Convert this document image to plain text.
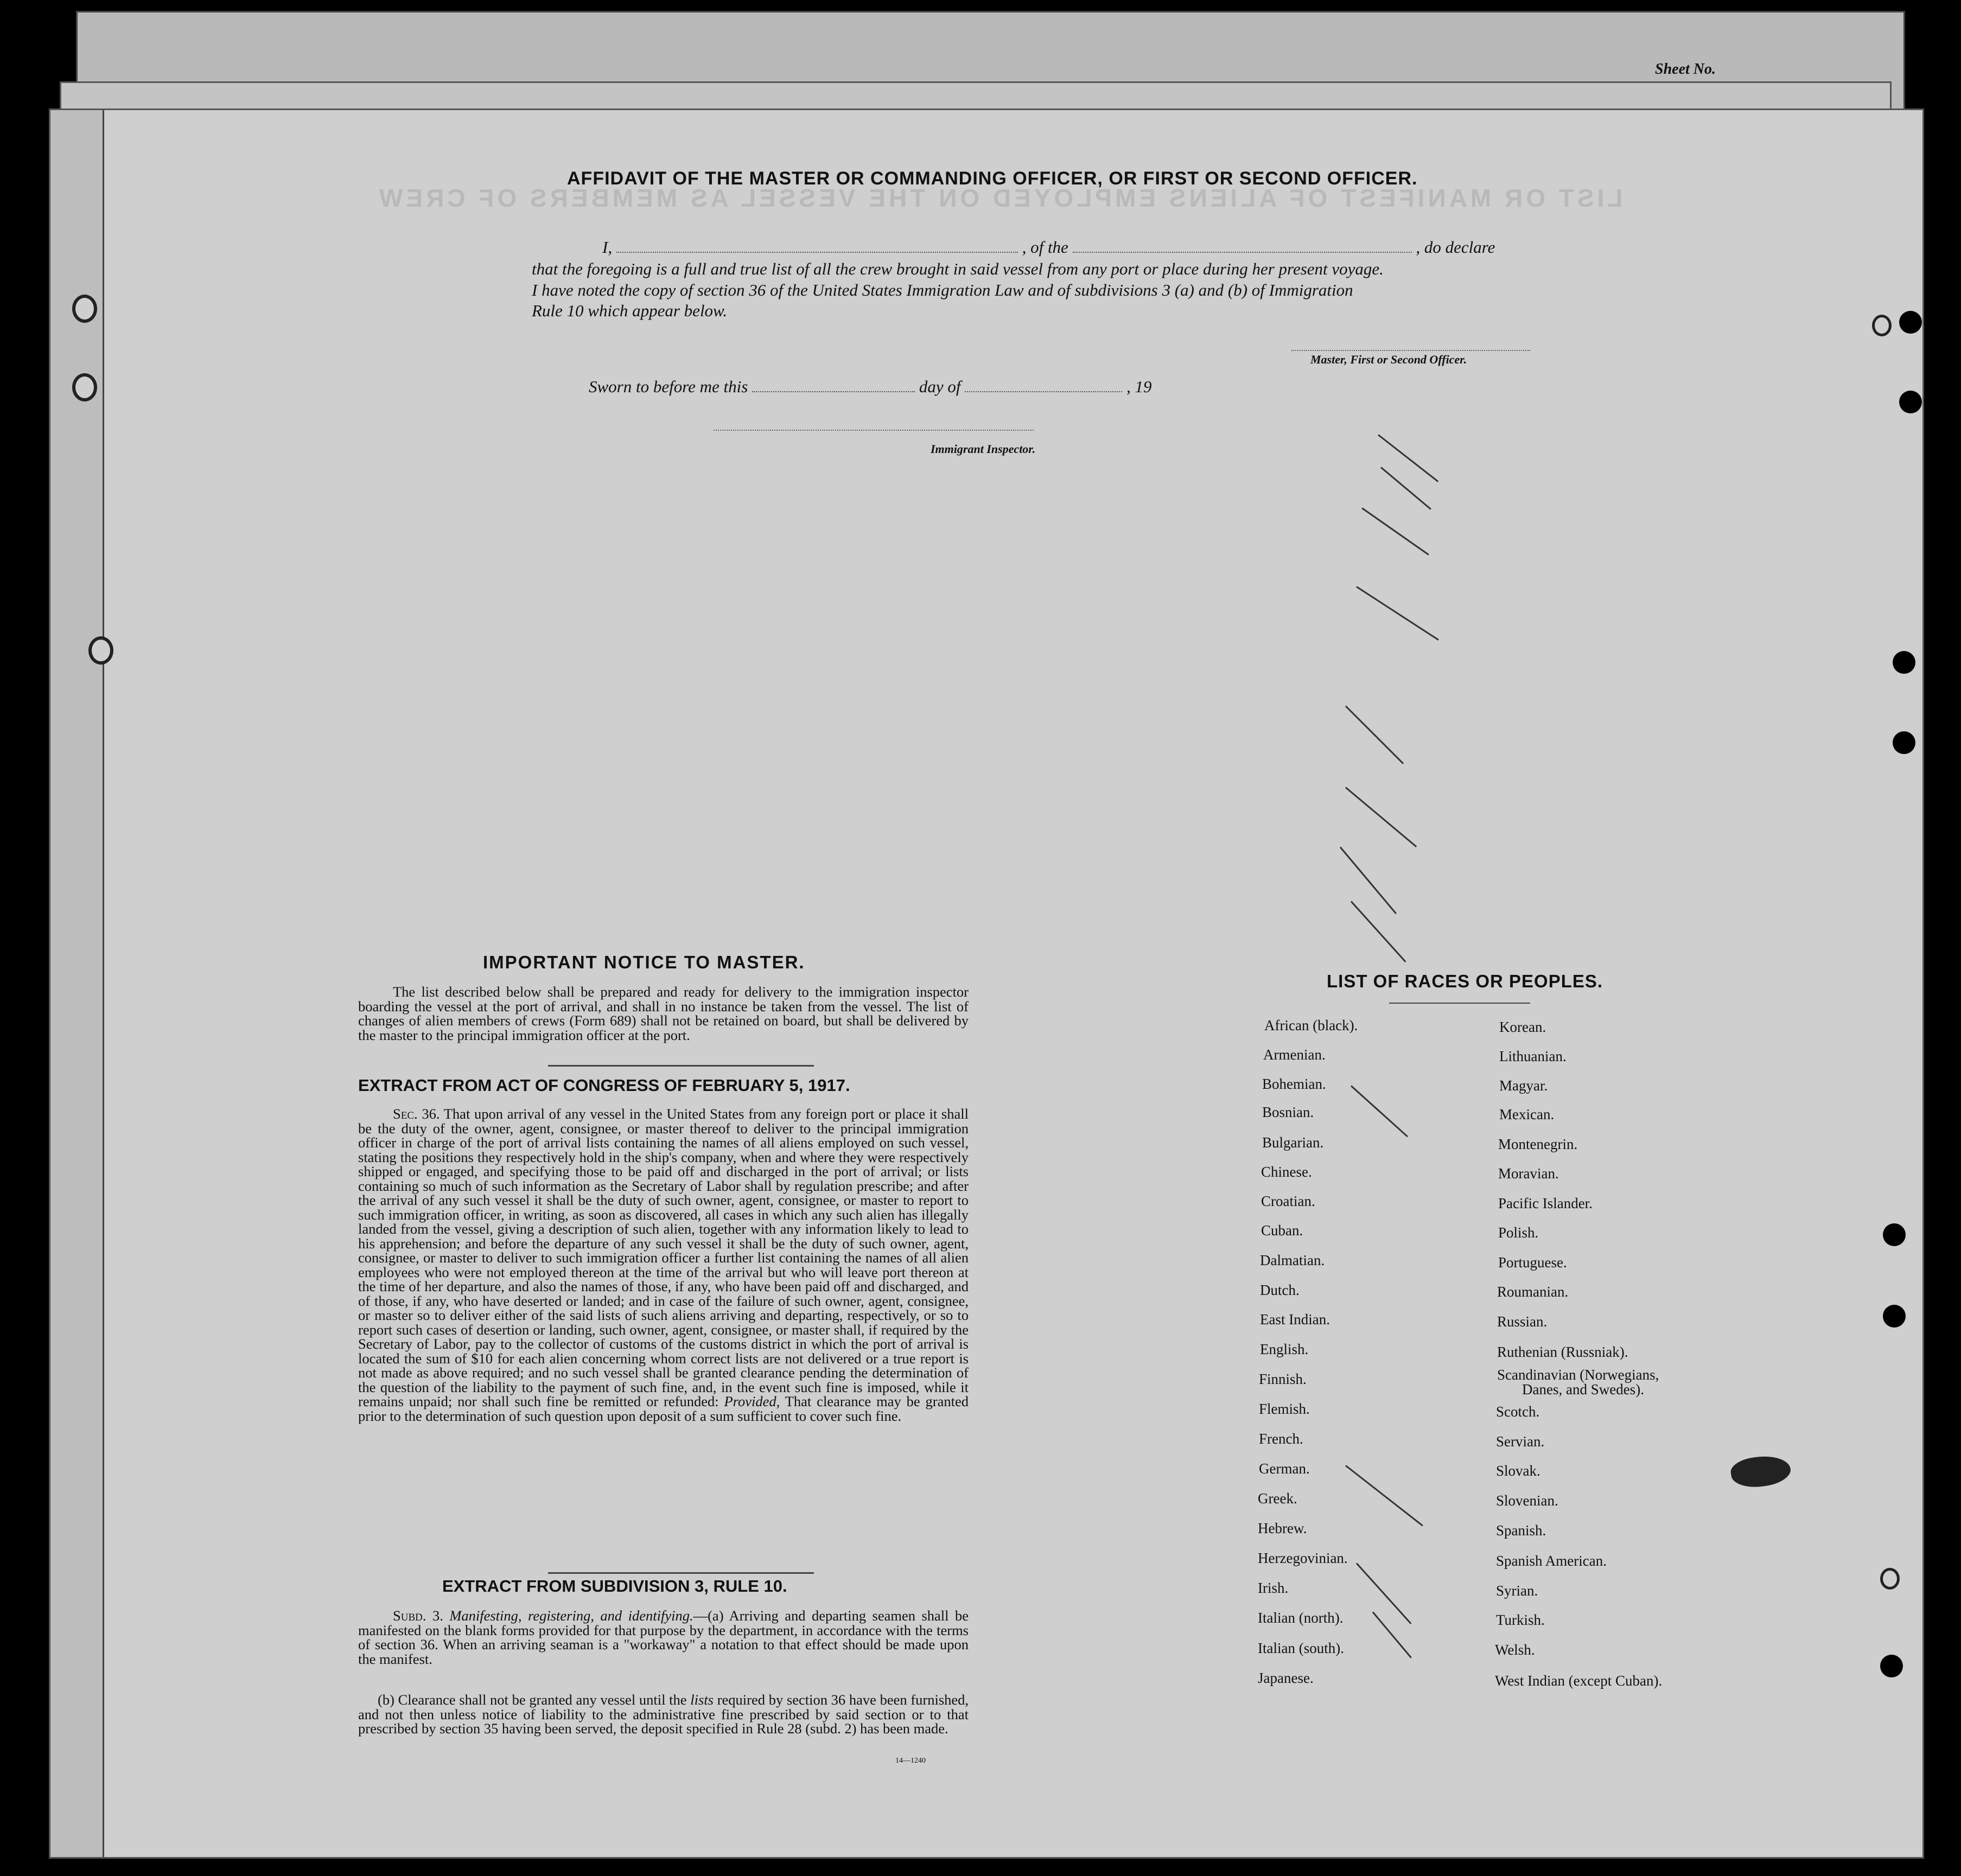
Sheet No.
LIST OR MANIFEST OF ALIENS EMPLOYED ON THE VESSEL AS MEMBERS OF CREW
AFFIDAVIT OF THE MASTER OR COMMANDING OFFICER, OR FIRST OR SECOND OFFICER.
I,	, of the	, do declare
that the foregoing is a full and true list of all the crew brought in said vessel from any port or place during her present voyage.
I have noted the copy of section 36 of the United States Immigration Law and of subdivisions 3 (a) and (b) of Immigration
Rule 10 which appear below.
Master, First or Second Officer.
Sworn to before me this	day of	, 19
Immigrant Inspector.
IMPORTANT NOTICE TO MASTER.
The list described below shall be prepared and ready for delivery to the immigration inspector boarding the vessel at the port of arrival, and shall in no instance be taken from the vessel. The list of changes of alien members of crews (Form 689) shall not be retained on board, but shall be delivered by the master to the principal immigration officer at the port.
EXTRACT FROM ACT OF CONGRESS OF FEBRUARY 5, 1917.
Sec. 36. That upon arrival of any vessel in the United States from any foreign port or place it shall be the duty of the owner, agent, consignee, or master thereof to deliver to the principal immigration officer in charge of the port of arrival lists containing the names of all aliens employed on such vessel, stating the positions they respectively hold in the ship's company, when and where they were respectively shipped or engaged, and specifying those to be paid off and discharged in the port of arrival; or lists containing so much of such information as the Secretary of Labor shall by regulation prescribe; and after the arrival of any such vessel it shall be the duty of such owner, agent, consignee, or master to report to such immigration officer, in writing, as soon as discovered, all cases in which any such alien has illegally landed from the vessel, giving a description of such alien, together with any information likely to lead to his apprehension; and before the departure of any such vessel it shall be the duty of such owner, agent, consignee, or master to deliver to such immigration officer a further list containing the names of all alien employees who were not employed thereon at the time of the arrival but who will leave port thereon at the time of her departure, and also the names of those, if any, who have been paid off and discharged, and of those, if any, who have deserted or landed; and in case of the failure of such owner, agent, consignee, or master so to deliver either of the said lists of such aliens arriving and departing, respectively, or so to report such cases of desertion or landing, such owner, agent, consignee, or master shall, if required by the Secretary of Labor, pay to the collector of customs of the customs district in which the port of arrival is located the sum of $10 for each alien concerning whom correct lists are not delivered or a true report is not made as above required; and no such vessel shall be granted clearance pending the determination of the question of the liability to the payment of such fine, and, in the event such fine is imposed, while it remains unpaid; nor shall such fine be remitted or refunded: Provided, That clearance may be granted prior to the determination of such question upon deposit of a sum sufficient to cover such fine.
EXTRACT FROM SUBDIVISION 3, RULE 10.
Subd. 3. Manifesting, registering, and identifying.—(a) Arriving and departing seamen shall be manifested on the blank forms provided for that purpose by the department, in accordance with the terms of section 36. When an arriving seaman is a "workaway" a notation to that effect should be made upon the manifest.
(b) Clearance shall not be granted any vessel until the lists required by section 36 have been furnished, and not then unless notice of liability to the administrative fine prescribed by said section or to that prescribed by section 35 having been served, the deposit specified in Rule 28 (subd. 2) has been made.
14—1240
LIST OF RACES OR PEOPLES.
African (black).
Armenian.
Bohemian.
Bosnian.
Bulgarian.
Chinese.
Croatian.
Cuban.
Dalmatian.
Dutch.
East Indian.
English.
Finnish.
Flemish.
French.
German.
Greek.
Hebrew.
Herzegovinian.
Irish.
Italian (north).
Italian (south).
Japanese.
Korean.
Lithuanian.
Magyar.
Mexican.
Montenegrin.
Moravian.
Pacific Islander.
Polish.
Portuguese.
Roumanian.
Russian.
Ruthenian (Russniak).
Scandinavian (Norwegians,
Danes, and Swedes).
Scotch.
Servian.
Slovak.
Slovenian.
Spanish.
Spanish American.
Syrian.
Turkish.
Welsh.
West Indian (except Cuban).
